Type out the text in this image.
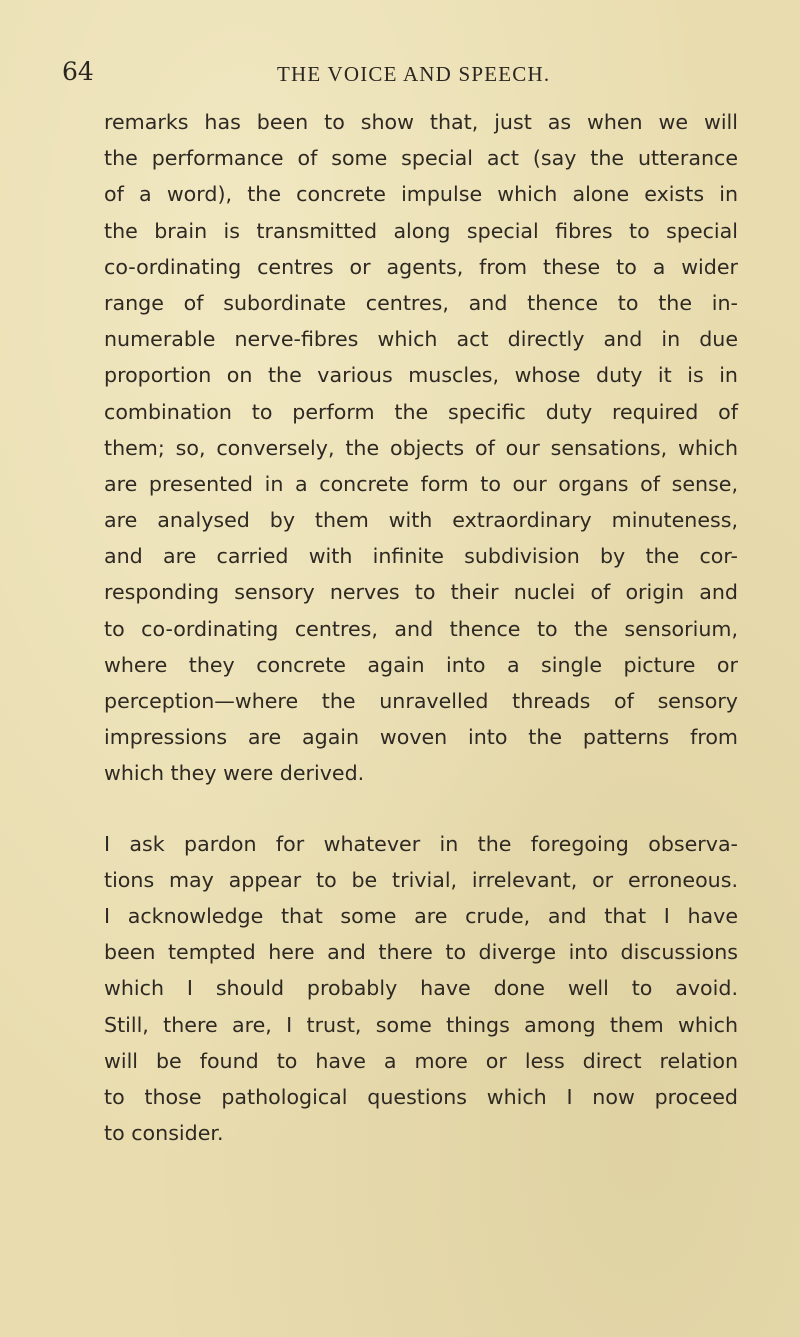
64	THE VOICE AND SPEECH.
remarks has been to show that, just as when we will
the performance of some special act (say the utterance
of a word), the concrete impulse which alone exists in
the brain is transmitted along special fibres to special
co-ordinating centres or agents, from these to a wider
range of subordinate centres, and thence to the in-
numerable nerve-fibres which act directly and in due
proportion on the various muscles, whose duty it is in
combination to perform the specific duty required of
them; so, conversely, the objects of our sensations, which
are presented in a concrete form to our organs of sense,
are analysed by them with extraordinary minuteness,
and are carried with infinite subdivision by the cor-
responding sensory nerves to their nuclei of origin and
to co-ordinating centres, and thence to the sensorium,
where they concrete again into a single picture or
perception—where the unravelled threads of sensory
impressions are again woven into the patterns from
which they were derived.
I ask pardon for whatever in the foregoing observa-
tions may appear to be trivial, irrelevant, or erroneous.
I acknowledge that some are crude, and that I have
been tempted here and there to diverge into discussions
which I should probably have done well to avoid.
Still, there are, I trust, some things among them which
will be found to have a more or less direct relation
to those pathological questions which I now proceed
to consider.
